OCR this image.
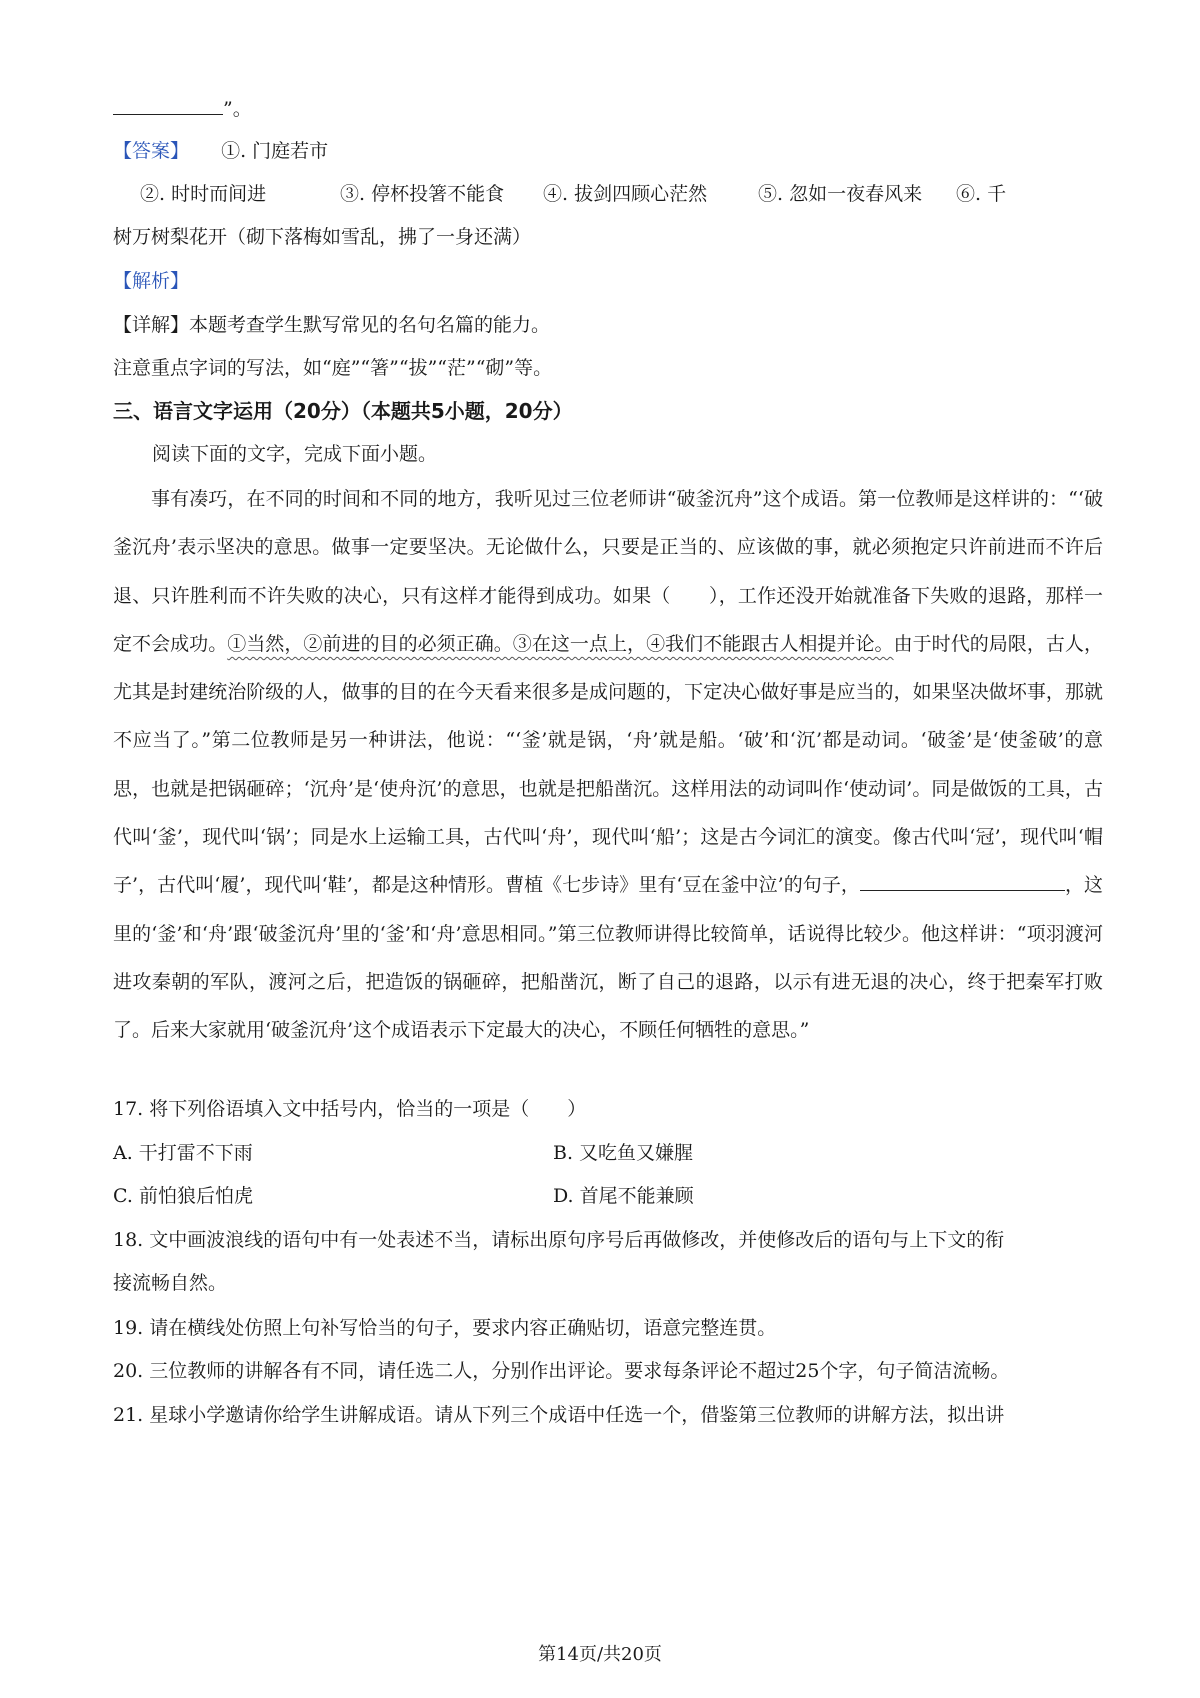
”。
【答案】 ①. 门庭若市
②. 时时而间进	③. 停杯投箸不能食 ④. 拔剑四顾心茫然	⑤. 忽如一夜春风来 ⑥. 千
树万树梨花开（砌下落梅如雪乱，拂了一身还满）
【解析】
【详解】本题考查学生默写常见的名句名篇的能力。
注意重点字词的写法，如“庭”“箸”“拔”“茫”“砌”等。
三、语言文字运用（20分）（本题共5小题，20分）
阅读下面的文字，完成下面小题。

事有凑巧，在不同的时间和不同的地方，我听见过三位老师讲“破釜沉舟”这个成语。第一位教师是这样讲的：“‘破釜沉舟’表示坚决的意思。做事一定要坚决。无论做什么，只要是正当的、应该做的事，就必须抱定只许前进而不许后退、只许胜利而不许失败的决心，只有这样才能得到成功。如果（　　），工作还没开始就准备下失败的退路，那样一定不会成功。①当然，②前进的目的必须正确。③在这一点上，④我们不能跟古人相提并论。由于时代的局限，古人，尤其是封建统治阶级的人，做事的目的在今天看来很多是成问题的，下定决心做好事是应当的，如果坚决做坏事，那就不应当了。”第二位教师是另一种讲法，他说：“‘釜’就是锅，‘舟’就是船。‘破’和‘沉’都是动词。‘破釜’是‘使釜破’的意思，也就是把锅砸碎；‘沉舟’是‘使舟沉’的意思，也就是把船凿沉。这样用法的动词叫作‘使动词’。同是做饭的工具，古代叫‘釜’，现代叫‘锅’；同是水上运输工具，古代叫‘舟’，现代叫‘船’；这是古今词汇的演变。像古代叫‘冠’，现代叫‘帽子’，古代叫‘履’，现代叫‘鞋’，都是这种情形。曹植《七步诗》里有‘豆在釜中泣’的句子，	，这里的‘釜’和‘舟’跟‘破釜沉舟’里的‘釜’和‘舟’意思相同。”第三位教师讲得比较简单，话说得比较少。他这样讲：“项羽渡河进攻秦朝的军队，渡河之后，把造饭的锅砸碎，把船凿沉，断了自己的退路，以示有进无退的决心，终于把秦军打败了。后来大家就用‘破釜沉舟’这个成语表示下定最大的决心，不顾任何牺牲的意思。”

17. 将下列俗语填入文中括号内，恰当的一项是（　　）
A. 干打雷不下雨	B. 又吃鱼又嫌腥
C. 前怕狼后怕虎	D. 首尾不能兼顾
18. 文中画波浪线的语句中有一处表述不当，请标出原句序号后再做修改，并使修改后的语句与上下文的衔
接流畅自然。
19. 请在横线处仿照上句补写恰当的句子，要求内容正确贴切，语意完整连贯。
20. 三位教师的讲解各有不同，请任选二人，分别作出评论。要求每条评论不超过25个字，句子简洁流畅。
21. 星球小学邀请你给学生讲解成语。请从下列三个成语中任选一个，借鉴第三位教师的讲解方法，拟出讲
第14页/共20页
